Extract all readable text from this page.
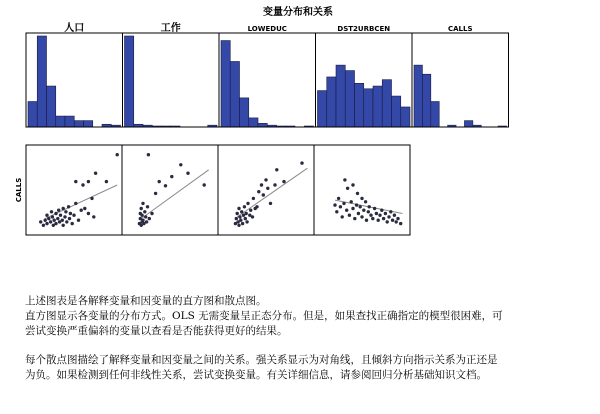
变量分布和关系
人口	工作	LOWEDUC	DST2URBCEN	CALLS
CALLS
上述图表是各解释变量和因变量的直方图和散点图。
直方图显示各变量的分布方式。OLS 无需变量呈正态分布。但是，如果查找正确指定的模型很困难，可
尝试变换严重偏斜的变量以查看是否能获得更好的结果。
每个散点图描绘了解释变量和因变量之间的关系。强关系显示为对角线，且倾斜方向指示关系为正还是
为负。如果检测到任何非线性关系，尝试变换变量。有关详细信息，请参阅回归分析基础知识文档。
